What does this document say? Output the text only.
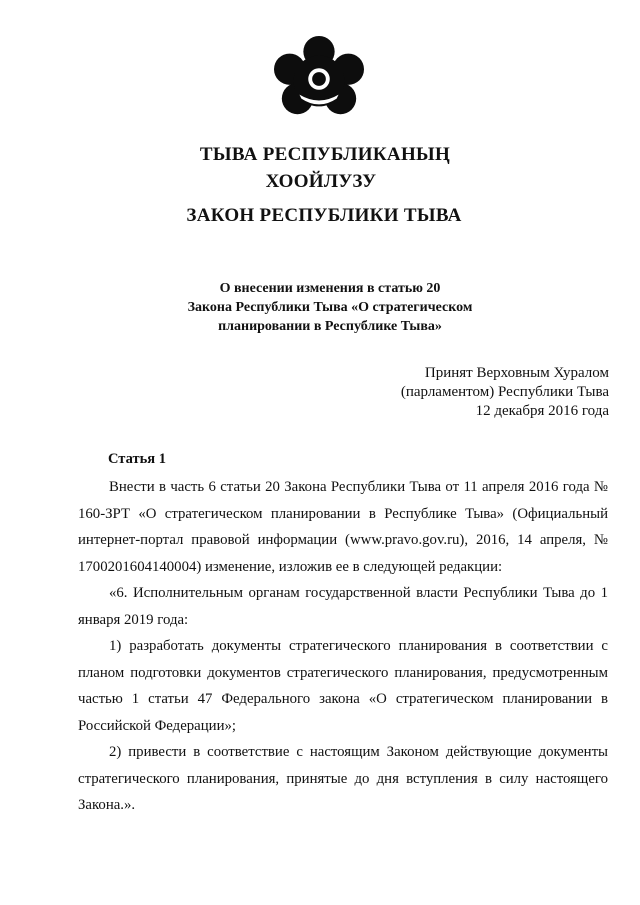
ТЫВА РЕСПУБЛИКАНЫҢ
ХООЙЛУЗУ
ЗАКОН РЕСПУБЛИКИ ТЫВА
О внесении изменения в статью 20
Закона Республики Тыва «О стратегическом
планировании в Республике Тыва»
Принят Верховным Хуралом
(парламентом) Республики Тыва
12 декабря 2016 года
Статья 1

Внести в часть 6 статьи 20 Закона Республики Тыва от 11 апреля 2016 года № 160-ЗРТ «О стратегическом планировании в Республике Тыва» (Официальный интернет-портал правовой информации (www.pravo.gov.ru), 2016, 14 апреля, № 1700201604140004) изменение, изложив ее в следующей редакции:

«6. Исполнительным органам государственной власти Республики Тыва до 1 января 2019 года:

1) разработать документы стратегического планирования в соответствии с планом подготовки документов стратегического планирования, предусмотренным частью 1 статьи 47 Федерального закона «О стратегическом планировании в Российской Федерации»;

2) привести в соответствие с настоящим Законом действующие документы стратегического планирования, принятые до дня вступления в силу настоящего Закона.».
